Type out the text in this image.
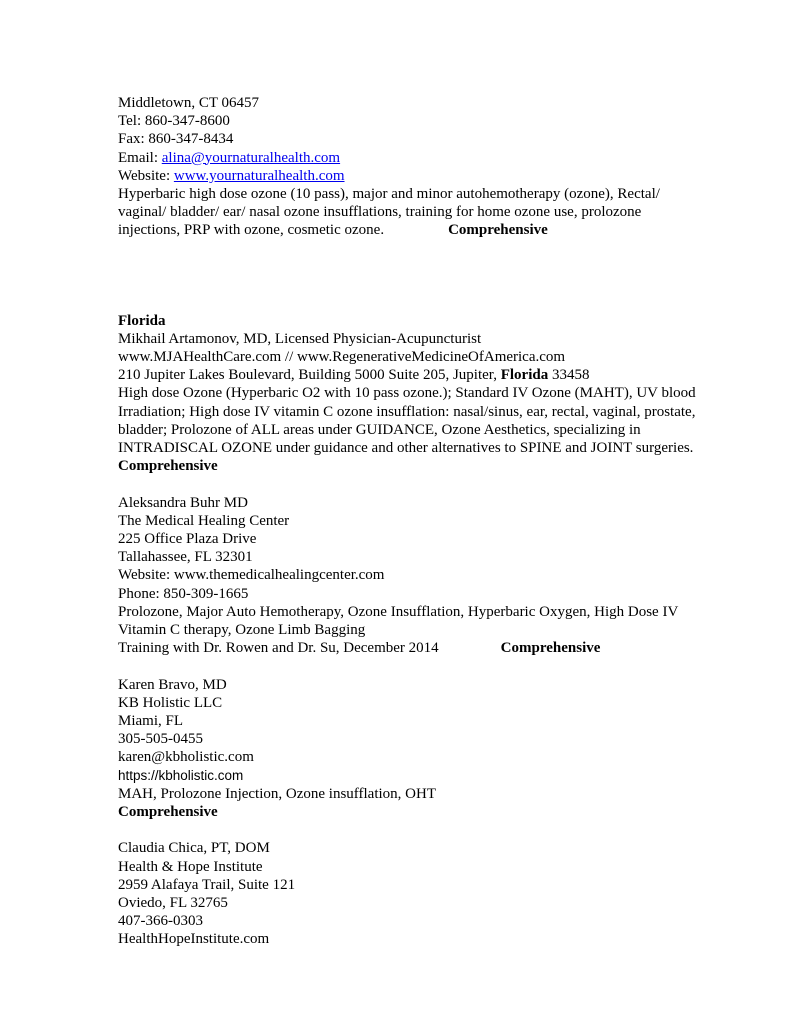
Middletown, CT 06457
Tel: 860-347-8600
Fax: 860-347-8434
Email: alina@yournaturalhealth.com
Website: www.yournaturalhealth.com
Hyperbaric high dose ozone (10 pass), major and minor autohemotherapy (ozone), Rectal/
vaginal/ bladder/ ear/ nasal ozone insufflations, training for home ozone use, prolozone
injections, PRP with ozone, cosmetic ozone.	Comprehensive
Florida
Mikhail Artamonov, MD, Licensed Physician-Acupuncturist
www.MJAHealthCare.com // www.RegenerativeMedicineOfAmerica.com
210 Jupiter Lakes Boulevard, Building 5000 Suite 205, Jupiter, Florida 33458
High dose Ozone (Hyperbaric O2 with 10 pass ozone.); Standard IV Ozone (MAHT), UV blood
Irradiation; High dose IV vitamin C ozone insufflation: nasal/sinus, ear, rectal, vaginal, prostate,
bladder; Prolozone of ALL areas under GUIDANCE, Ozone Aesthetics, specializing in
INTRADISCAL OZONE under guidance and other alternatives to SPINE and JOINT surgeries.
Comprehensive
Aleksandra Buhr MD
The Medical Healing Center
225 Office Plaza Drive
Tallahassee, FL 32301
Website: www.themedicalhealingcenter.com
Phone: 850-309-1665
Prolozone, Major Auto Hemotherapy, Ozone Insufflation, Hyperbaric Oxygen, High Dose IV
Vitamin C therapy, Ozone Limb Bagging
Training with Dr. Rowen and Dr. Su, December 2014	Comprehensive
Karen Bravo, MD
KB Holistic LLC
Miami, FL
305-505-0455
karen@kbholistic.com
https://kbholistic.com
MAH, Prolozone Injection, Ozone insufflation, OHT
Comprehensive
Claudia Chica, PT, DOM
Health & Hope Institute
2959 Alafaya Trail, Suite 121
Oviedo, FL 32765
407-366-0303
HealthHopeInstitute.com
